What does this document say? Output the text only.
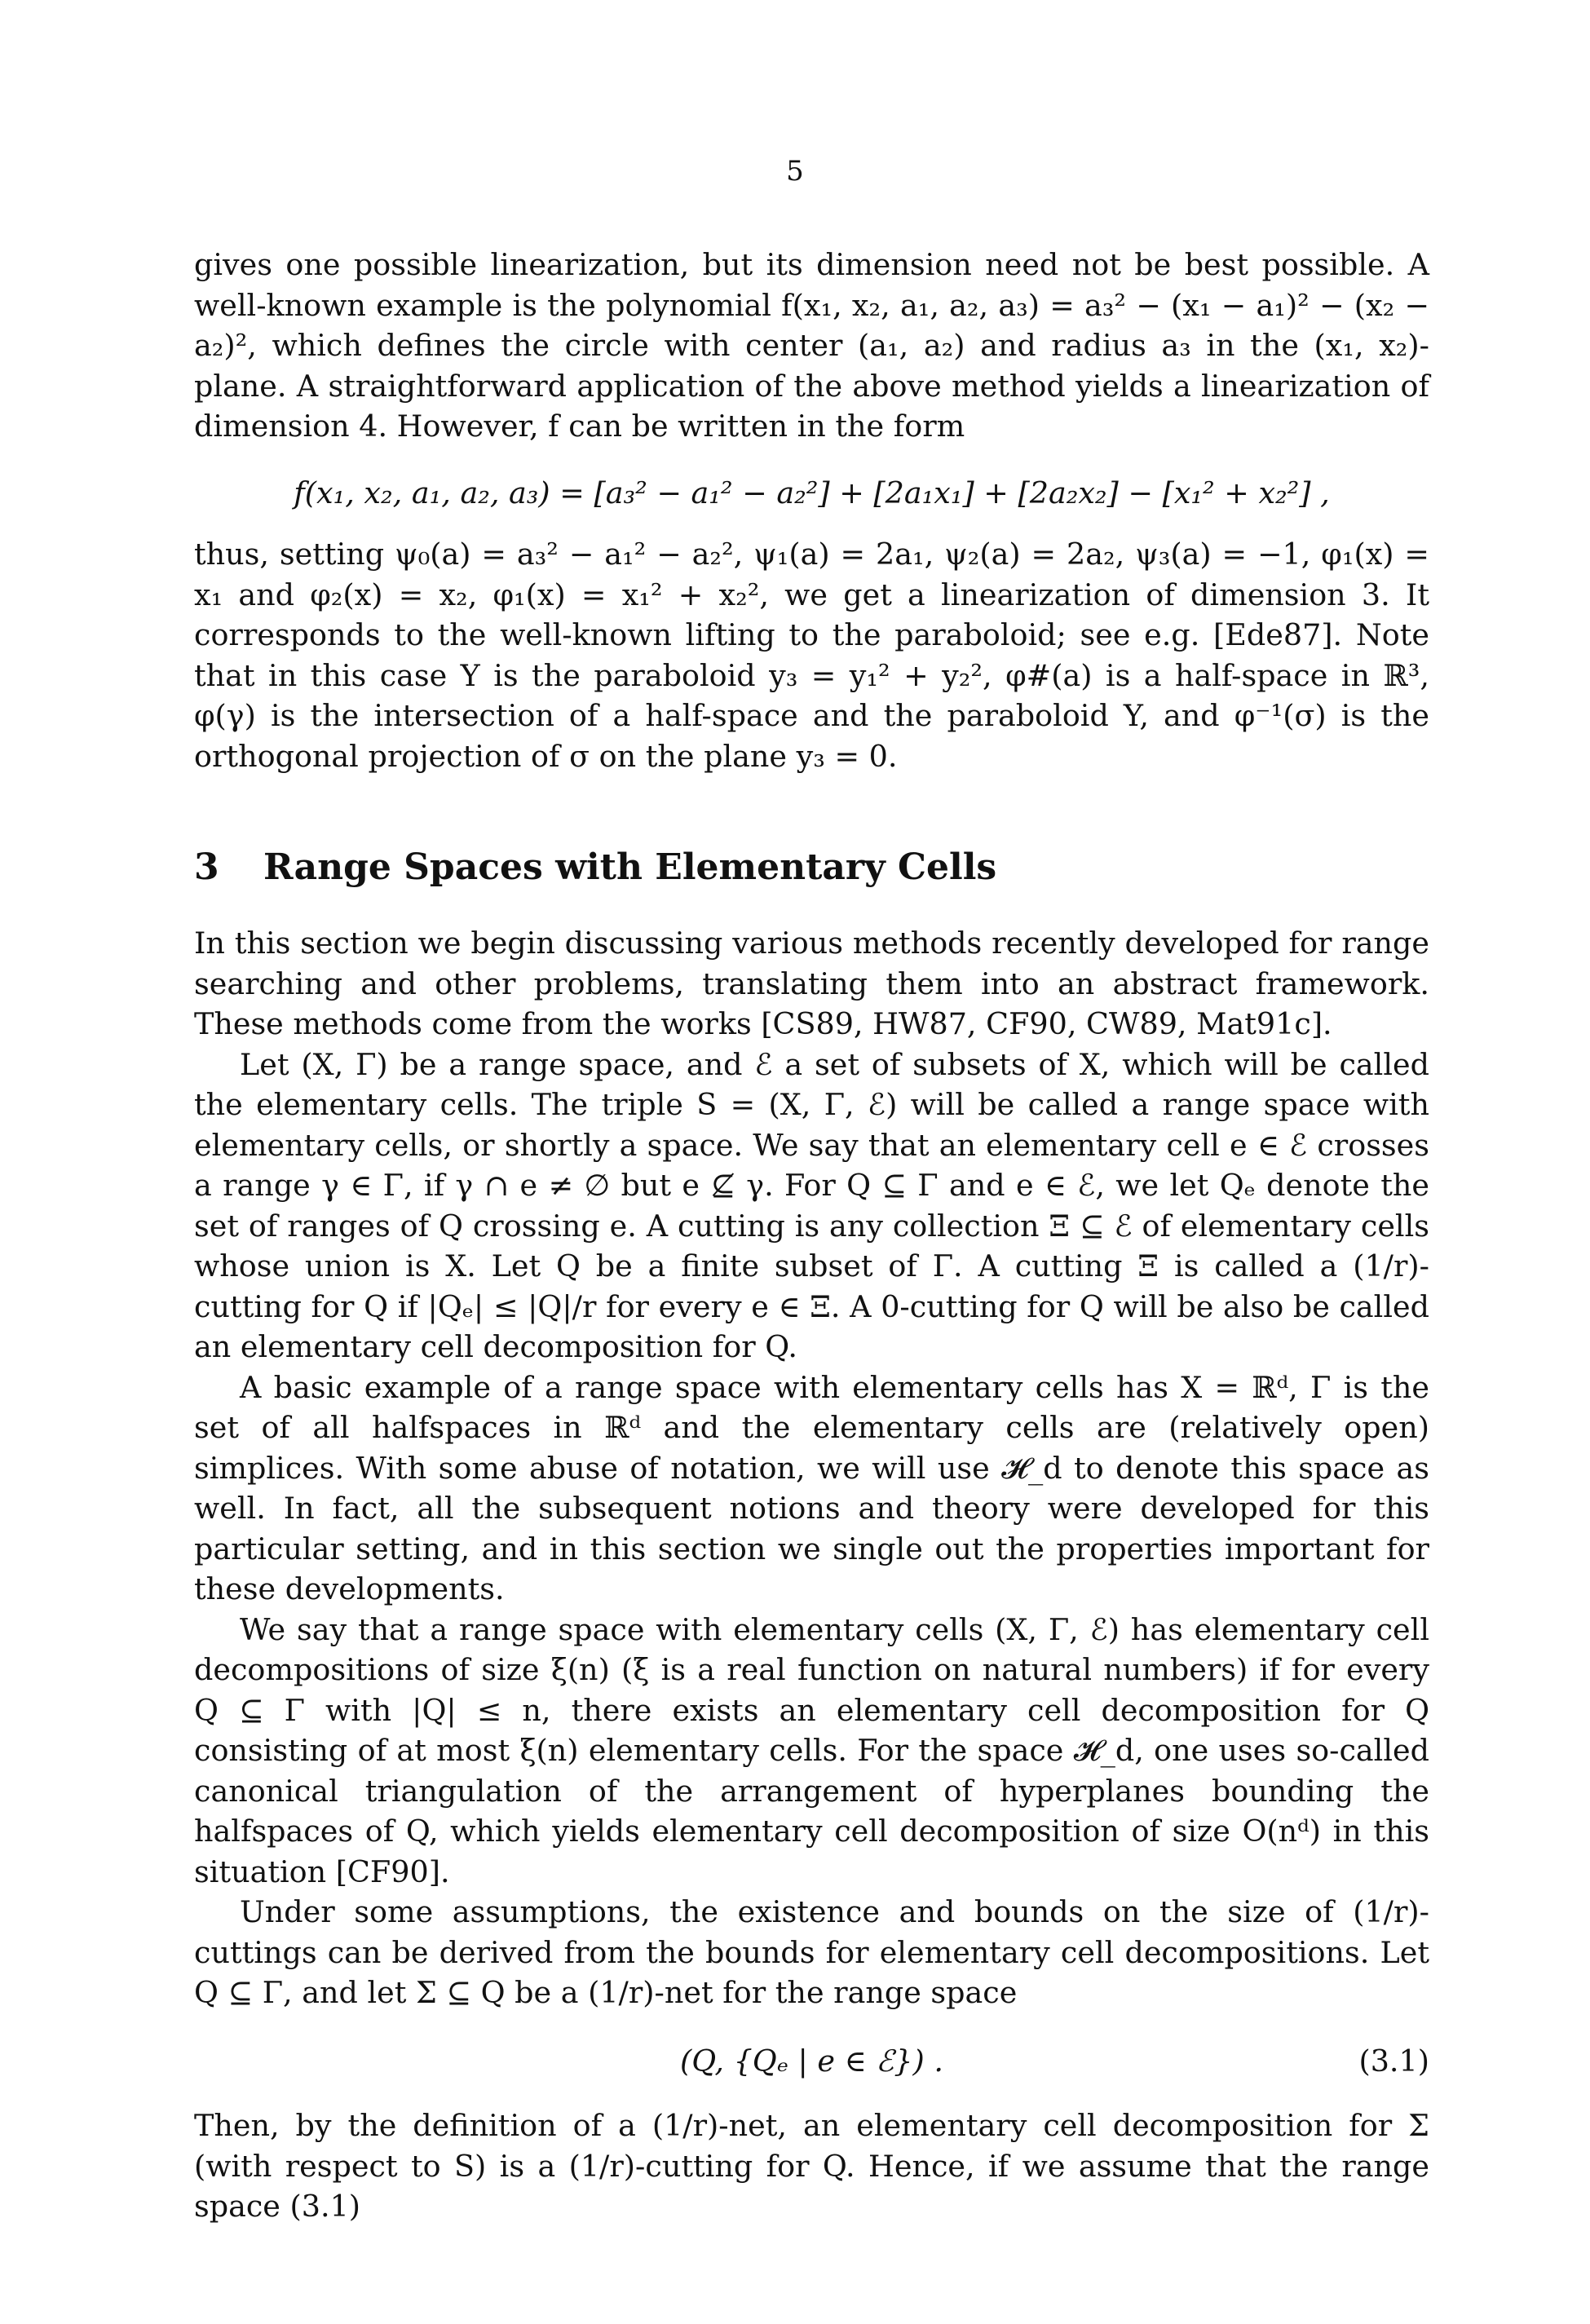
5

gives one possible linearization, but its dimension need not be best possible. A well-known example is the polynomial f(x₁, x₂, a₁, a₂, a₃) = a₃² − (x₁ − a₁)² − (x₂ − a₂)², which defines the circle with center (a₁, a₂) and radius a₃ in the (x₁, x₂)-plane. A straightforward application of the above method yields a linearization of dimension 4. However, f can be written in the form

f(x₁, x₂, a₁, a₂, a₃) = [a₃² − a₁² − a₂²] + [2a₁x₁] + [2a₂x₂] − [x₁² + x₂²] ,

thus, setting ψ₀(a) = a₃² − a₁² − a₂², ψ₁(a) = 2a₁, ψ₂(a) = 2a₂, ψ₃(a) = −1, φ₁(x) = x₁ and φ₂(x) = x₂, φ₁(x) = x₁² + x₂², we get a linearization of dimension 3. It corresponds to the well-known lifting to the paraboloid; see e.g. [Ede87]. Note that in this case Y is the paraboloid y₃ = y₁² + y₂², φ#(a) is a half-space in ℝ³, φ(γ) is the intersection of a half-space and the paraboloid Y, and φ⁻¹(σ) is the orthogonal projection of σ on the plane y₃ = 0.

3 Range Spaces with Elementary Cells

In this section we begin discussing various methods recently developed for range searching and other problems, translating them into an abstract framework. These methods come from the works [CS89, HW87, CF90, CW89, Mat91c].

Let (X, Γ) be a range space, and ℰ a set of subsets of X, which will be called the elementary cells. The triple S = (X, Γ, ℰ) will be called a range space with elementary cells, or shortly a space. We say that an elementary cell e ∈ ℰ crosses a range γ ∈ Γ, if γ ∩ e ≠ ∅ but e ⊈ γ. For Q ⊆ Γ and e ∈ ℰ, we let Qₑ denote the set of ranges of Q crossing e. A cutting is any collection Ξ ⊆ ℰ of elementary cells whose union is X. Let Q be a finite subset of Γ. A cutting Ξ is called a (1/r)-cutting for Q if |Qₑ| ≤ |Q|/r for every e ∈ Ξ. A 0-cutting for Q will be also be called an elementary cell decomposition for Q.

A basic example of a range space with elementary cells has X = ℝᵈ, Γ is the set of all halfspaces in ℝᵈ and the elementary cells are (relatively open) simplices. With some abuse of notation, we will use 𝓗_d to denote this space as well. In fact, all the subsequent notions and theory were developed for this particular setting, and in this section we single out the properties important for these developments.

We say that a range space with elementary cells (X, Γ, ℰ) has elementary cell decompositions of size ξ(n) (ξ is a real function on natural numbers) if for every Q ⊆ Γ with |Q| ≤ n, there exists an elementary cell decomposition for Q consisting of at most ξ(n) elementary cells. For the space 𝓗_d, one uses so-called canonical triangulation of the arrangement of hyperplanes bounding the halfspaces of Q, which yields elementary cell decomposition of size O(nᵈ) in this situation [CF90].

Under some assumptions, the existence and bounds on the size of (1/r)-cuttings can be derived from the bounds for elementary cell decompositions. Let Q ⊆ Γ, and let Σ ⊆ Q be a (1/r)-net for the range space

(Q, {Qₑ | e ∈ ℰ}) .	(3.1)

Then, by the definition of a (1/r)-net, an elementary cell decomposition for Σ (with respect to S) is a (1/r)-cutting for Q. Hence, if we assume that the range space (3.1)
